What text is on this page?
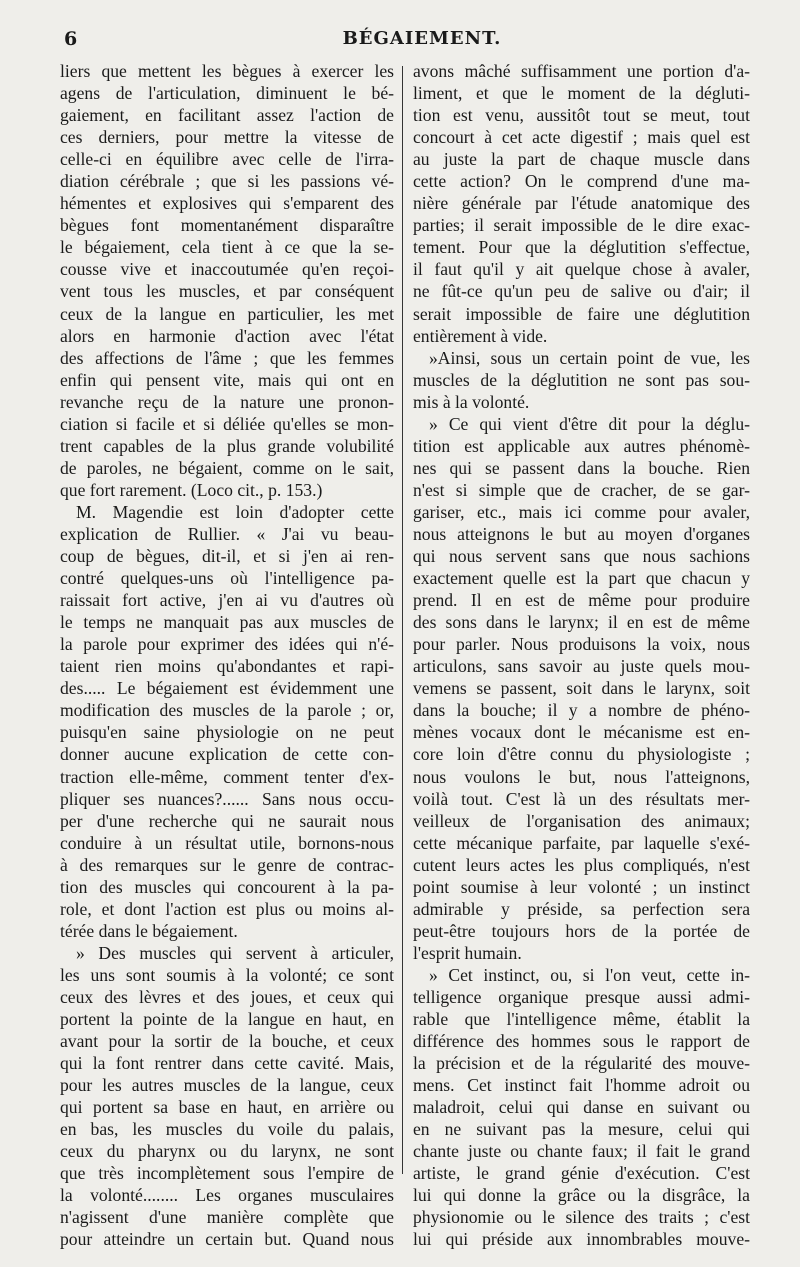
6	BÉGAIEMENT.
liers que mettent les bègues à exercer les
agens de l'articulation, diminuent le bé-
gaiement, en facilitant assez l'action de
ces derniers, pour mettre la vitesse de
celle-ci en équilibre avec celle de l'irra-
diation cérébrale ; que si les passions vé-
hémentes et explosives qui s'emparent des
bègues font momentanément disparaître
le bégaiement, cela tient à ce que la se-
cousse vive et inaccoutumée qu'en reçoi-
vent tous les muscles, et par conséquent
ceux de la langue en particulier, les met
alors en harmonie d'action avec l'état
des affections de l'âme ; que les femmes
enfin qui pensent vite, mais qui ont en
revanche reçu de la nature une pronon-
ciation si facile et si déliée qu'elles se mon-
trent capables de la plus grande volubilité
de paroles, ne bégaient, comme on le sait,
que fort rarement. (Loco cit., p. 153.)
M. Magendie est loin d'adopter cette
explication de Rullier. « J'ai vu beau-
coup de bègues, dit-il, et si j'en ai ren-
contré quelques-uns où l'intelligence pa-
raissait fort active, j'en ai vu d'autres où
le temps ne manquait pas aux muscles de
la parole pour exprimer des idées qui n'é-
taient rien moins qu'abondantes et rapi-
des..... Le bégaiement est évidemment une
modification des muscles de la parole ; or,
puisqu'en saine physiologie on ne peut
donner aucune explication de cette con-
traction elle-même, comment tenter d'ex-
pliquer ses nuances?...... Sans nous occu-
per d'une recherche qui ne saurait nous
conduire à un résultat utile, bornons-nous
à des remarques sur le genre de contrac-
tion des muscles qui concourent à la pa-
role, et dont l'action est plus ou moins al-
térée dans le bégaiement.
» Des muscles qui servent à articuler,
les uns sont soumis à la volonté; ce sont
ceux des lèvres et des joues, et ceux qui
portent la pointe de la langue en haut, en
avant pour la sortir de la bouche, et ceux
qui la font rentrer dans cette cavité. Mais,
pour les autres muscles de la langue, ceux
qui portent sa base en haut, en arrière ou
en bas, les muscles du voile du palais,
ceux du pharynx ou du larynx, ne sont
que très incomplètement sous l'empire de
la volonté........ Les organes musculaires
n'agissent d'une manière complète que
pour atteindre un certain but. Quand nous
avons mâché suffisamment une portion d'a-
liment, et que le moment de la dégluti-
tion est venu, aussitôt tout se meut, tout
concourt à cet acte digestif ; mais quel est
au juste la part de chaque muscle dans
cette action? On le comprend d'une ma-
nière générale par l'étude anatomique des
parties; il serait impossible de le dire exac-
tement. Pour que la déglutition s'effectue,
il faut qu'il y ait quelque chose à avaler,
ne fût-ce qu'un peu de salive ou d'air; il
serait impossible de faire une déglutition
entièrement à vide.
»Ainsi, sous un certain point de vue, les
muscles de la déglutition ne sont pas sou-
mis à la volonté.
» Ce qui vient d'être dit pour la déglu-
tition est applicable aux autres phénomè-
nes qui se passent dans la bouche. Rien
n'est si simple que de cracher, de se gar-
gariser, etc., mais ici comme pour avaler,
nous atteignons le but au moyen d'organes
qui nous servent sans que nous sachions
exactement quelle est la part que chacun y
prend. Il en est de même pour produire
des sons dans le larynx; il en est de même
pour parler. Nous produisons la voix, nous
articulons, sans savoir au juste quels mou-
vemens se passent, soit dans le larynx, soit
dans la bouche; il y a nombre de phéno-
mènes vocaux dont le mécanisme est en-
core loin d'être connu du physiologiste ;
nous voulons le but, nous l'atteignons,
voilà tout. C'est là un des résultats mer-
veilleux de l'organisation des animaux;
cette mécanique parfaite, par laquelle s'exé-
cutent leurs actes les plus compliqués, n'est
point soumise à leur volonté ; un instinct
admirable y préside, sa perfection sera
peut-être toujours hors de la portée de
l'esprit humain.
» Cet instinct, ou, si l'on veut, cette in-
telligence organique presque aussi admi-
rable que l'intelligence même, établit la
différence des hommes sous le rapport de
la précision et de la régularité des mouve-
mens. Cet instinct fait l'homme adroit ou
maladroit, celui qui danse en suivant ou
en ne suivant pas la mesure, celui qui
chante juste ou chante faux; il fait le grand
artiste, le grand génie d'exécution. C'est
lui qui donne la grâce ou la disgrâce, la
physionomie ou le silence des traits ; c'est
lui qui préside aux innombrables mouve-
